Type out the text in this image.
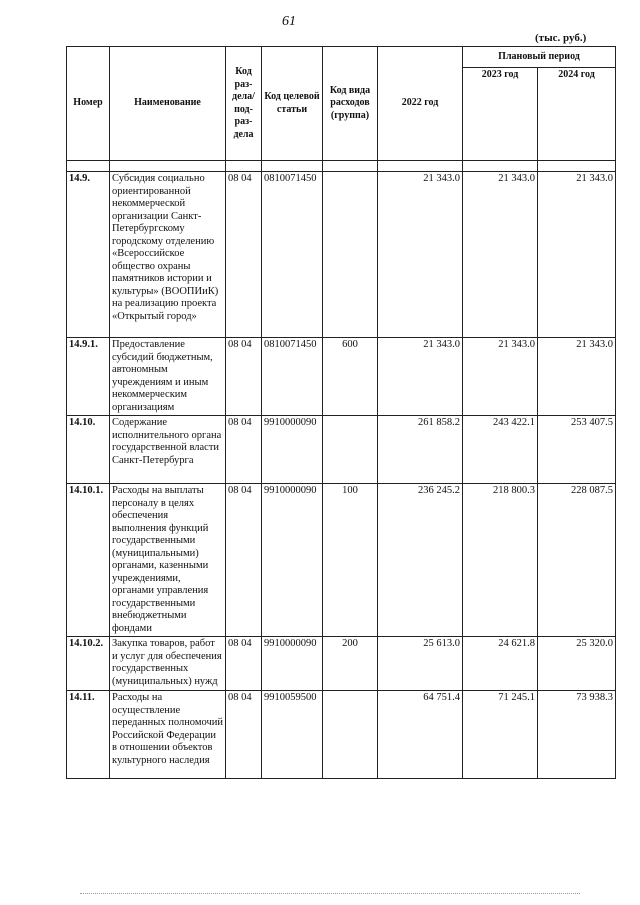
61
(тыс. руб.)
Номер	Наименование	Код раз-дела/ под-раз-дела	Код целевой статьи	Код вида расходов (группа)	2022 год	Плановый период	
						2023 год	2024 год

14.9.	Субсидия социально ориентированной некоммерческой организации Санкт-Петербургскому городскому отделению «Всероссийское общество охраны памятников истории и культуры» (ВООПИиК) на реализацию проекта «Открытый город»	08 04	0810071450		21 343.0	21 343.0	21 343.0
14.9.1.	Предоставление субсидий бюджетным, автономным учреждениям и иным некоммерческим организациям	08 04	0810071450	600	21 343.0	21 343.0	21 343.0
14.10.	Содержание исполнительного органа государственной власти Санкт-Петербурга	08 04	9910000090		261 858.2	243 422.1	253 407.5
14.10.1.	Расходы на выплаты персоналу в целях обеспечения выполнения функций государственными (муниципальными) органами, казенными учреждениями, органами управления государственными внебюджетными фондами	08 04	9910000090	100	236 245.2	218 800.3	228 087.5
14.10.2.	Закупка товаров, работ и услуг для обеспечения государственных (муниципальных) нужд	08 04	9910000090	200	25 613.0	24 621.8	25 320.0
14.11.	Расходы на осуществление переданных полномочий Российской Федерации в отношении объектов культурного наследия	08 04	9910059500		64 751.4	71 245.1	73 938.3
